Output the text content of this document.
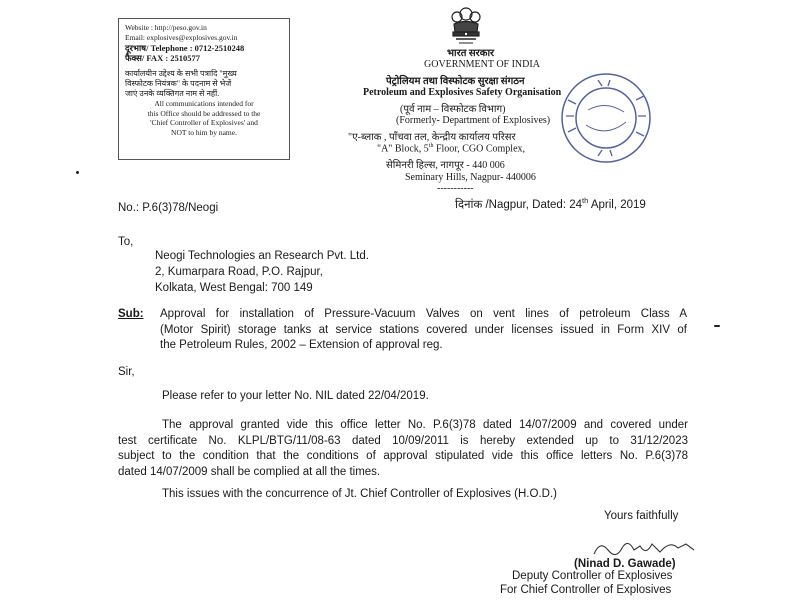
Website : http://peso.gov.in
Email: explosives@explosives.gov.in
दूरभाष/ Telephone : 0712-2510248
फैक्स/ FAX : 2510577
कार्यालयीन उद्देश्य के सभी पत्रादि "मुख्य
विस्फोटक नियंत्रक" के पदनाम से भेजें
जाएं उनके व्यक्तिगत नाम से नहीं.
All communications intended for
this Office should be addressed to the
'Chief Controller of Explosives' and
NOT to him by name.
भारत सरकार
GOVERNMENT OF INDIA
पेट्रोलियम तथा विस्फोटक सुरक्षा संगठन
Petroleum and Explosives Safety Organisation
(पूर्व नाम – विस्फोटक विभाग)
(Formerly- Department of Explosives)
"ए-ब्लाक , पाँचवा तल, केन्द्रीय कार्यालय परिसर
"A" Block, 5th Floor, CGO Complex,
सेमिनरी हिल्स, नागपूर - 440 006
Seminary Hills, Nagpur- 440006
-----------
No.: P.6(3)78/Neogi	दिनांक /Nagpur, Dated: 24th April, 2019
To,
Neogi Technologies an Research Pvt. Ltd.
2, Kumarpara Road, P.O. Rajpur,
Kolkata, West Bengal: 700 149
Sub: Approval for installation of Pressure-Vacuum Valves on vent lines of petroleum Class A
(Motor Spirit) storage tanks at service stations covered under licenses issued in Form XIV of
the Petroleum Rules, 2002 – Extension of approval reg.
Sir,
Please refer to your letter No. NIL dated 22/04/2019.
The approval granted vide this office letter No. P.6(3)78 dated 14/07/2009 and covered under
test certificate No. KLPL/BTG/11/08-63 dated 10/09/2011 is hereby extended up to 31/12/2023
subject to the condition that the conditions of approval stipulated vide this office letters No. P.6(3)78
dated 14/07/2009 shall be complied at all the times.
This issues with the concurrence of Jt. Chief Controller of Explosives (H.O.D.)
Yours faithfully
(Ninad D. Gawade)
Deputy Controller of Explosives
For Chief Controller of Explosives
